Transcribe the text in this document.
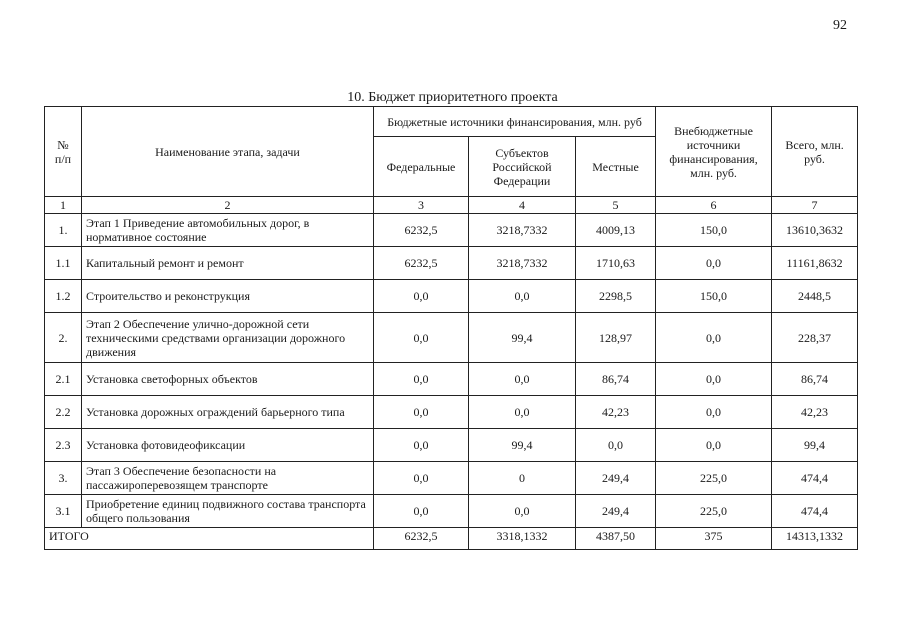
92
10. Бюджет приоритетного проекта
№
п/п	Наименование этапа, задачи	Бюджетные источники финансирования, млн. руб			Внебюджетные источники финансирования, млн. руб.	Всего, млн. руб.
		Федеральные	Субъектов Российской Федерации	Местные		
1	2	3	4	5	6	7
1.	Этап 1 Приведение автомобильных дорог, в нормативное состояние	6232,5	3218,7332	4009,13	150,0	13610,3632
1.1	Капитальный ремонт и ремонт	6232,5	3218,7332	1710,63	0,0	11161,8632
1.2	Строительство и реконструкция	0,0	0,0	2298,5	150,0	2448,5
2.	Этап 2 Обеспечение улично-дорожной сети техническими средствами организации дорожного движения	0,0	99,4	128,97	0,0	228,37
2.1	Установка светофорных объектов	0,0	0,0	86,74	0,0	86,74
2.2	Установка дорожных ограждений барьерного типа	0,0	0,0	42,23	0,0	42,23
2.3	Установка фотовидеофиксации	0,0	99,4	0,0	0,0	99,4
3.	Этап 3 Обеспечение безопасности на пассажироперевозящем транспорте	0,0	0	249,4	225,0	474,4
3.1	Приобретение единиц подвижного состава транспорта общего пользования	0,0	0,0	249,4	225,0	474,4
ИТОГО		6232,5	3318,1332	4387,50	375	14313,1332
